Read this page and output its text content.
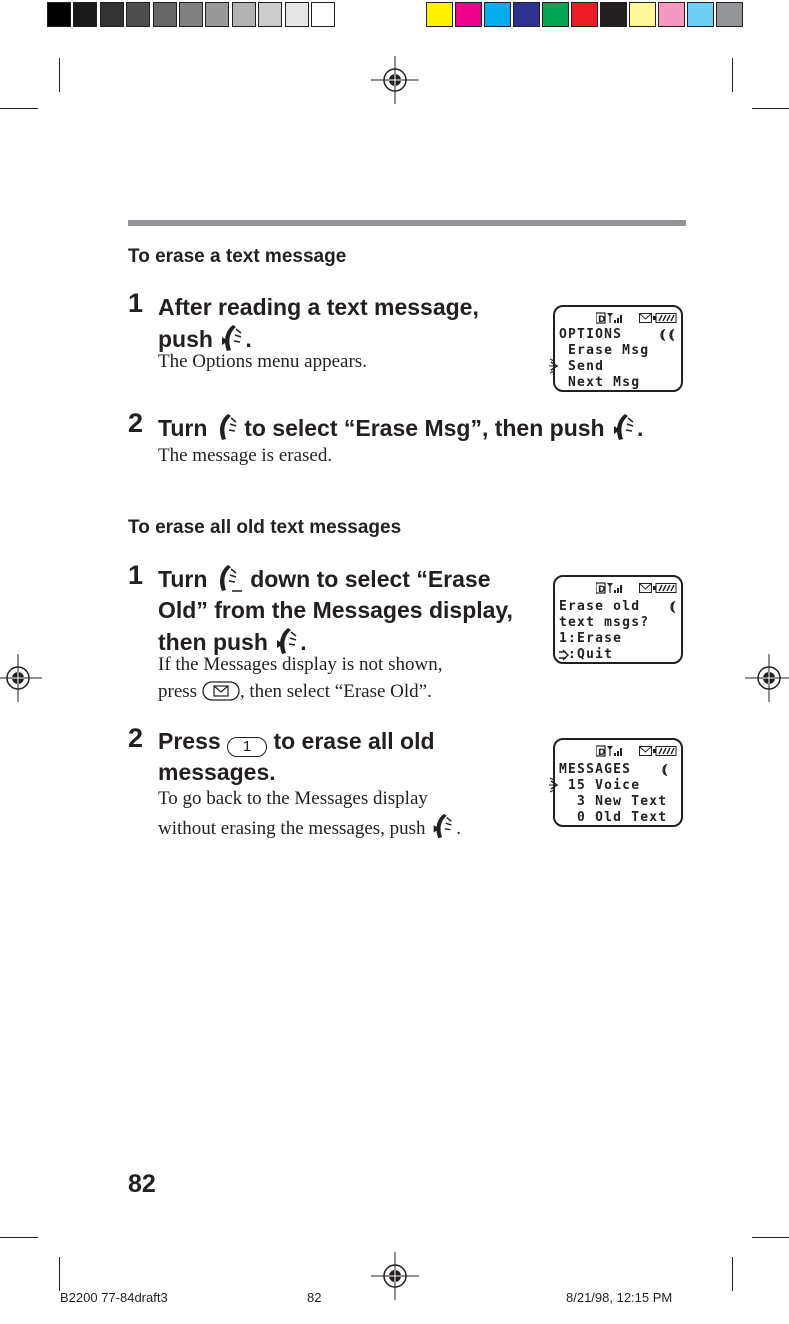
To erase a text message
1 After reading a text message,
push .
The Options menu appears.
D
OPTIONS
Erase Msg
Send
Next Msg
2 Turn to select “Erase Msg”, then push .
The message is erased.
To erase all old text messages
1 Turn down to select “Erase
Old” from the Messages display,
then push .
If the Messages display is not shown,
press , then select “Erase Old”.
D
Erase old
text msgs?
1:Erase
:Quit
2 Press 1 to erase all old
messages.
To go back to the Messages display
without erasing the messages, push .
D
MESSAGES
15 Voice
3 New Text
0 Old Text
82
B2200 77-84draft3	82	8/21/98, 12:15 PM
